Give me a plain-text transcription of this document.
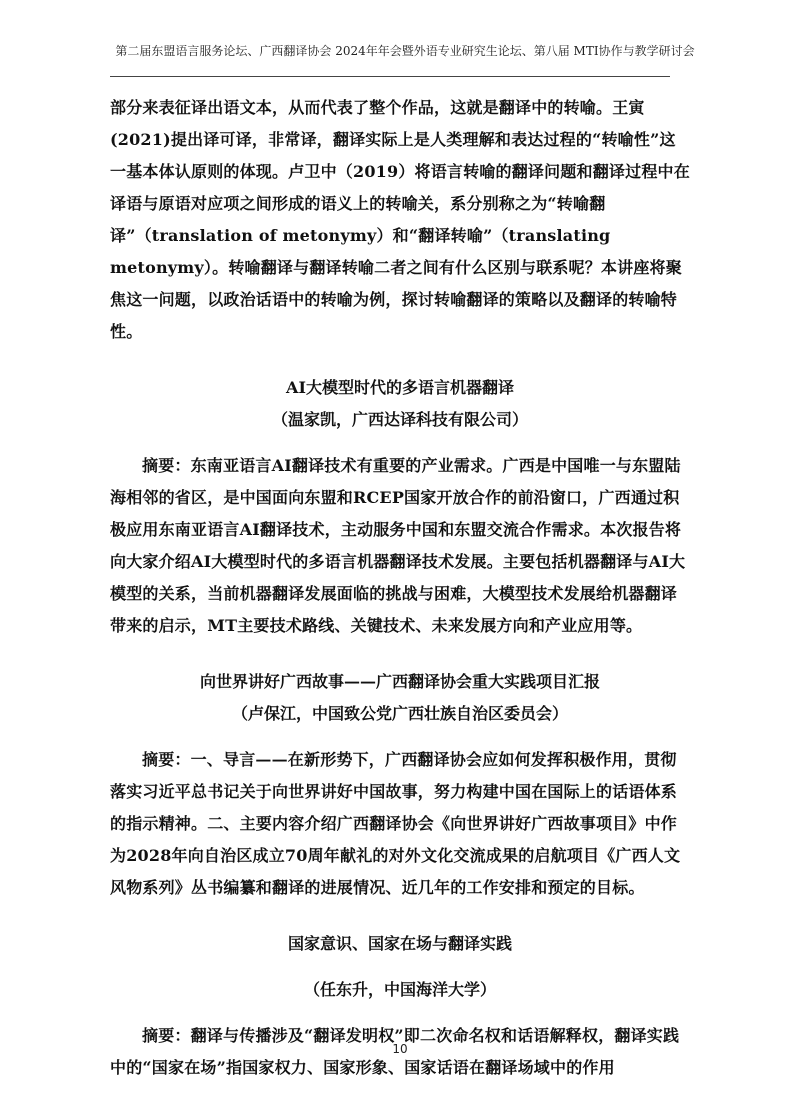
第二届东盟语言服务论坛、广西翻译协会 2024年年会暨外语专业研究生论坛、第八届 MTI协作与教学研讨会

部分来表征译出语文本，从而代表了整个作品，这就是翻译中的转喻。王寅(2021)提出译可译，非常译，翻译实际上是人类理解和表达过程的“转喻性”这一基本体认原则的体现。卢卫中（2019）将语言转喻的翻译问题和翻译过程中在译语与原语对应项之间形成的语义上的转喻关，系分别称之为“转喻翻译”（translation of metonymy）和“翻译转喻”（translating metonymy）。转喻翻译与翻译转喻二者之间有什么区别与联系呢？本讲座将聚焦这一问题，以政治话语中的转喻为例，探讨转喻翻译的策略以及翻译的转喻特性。

AI大模型时代的多语言机器翻译

（温家凯，广西达译科技有限公司）

摘要：东南亚语言AI翻译技术有重要的产业需求。广西是中国唯一与东盟陆海相邻的省区，是中国面向东盟和RCEP国家开放合作的前沿窗口，广西通过积极应用东南亚语言AI翻译技术，主动服务中国和东盟交流合作需求。本次报告将向大家介绍AI大模型时代的多语言机器翻译技术发展。主要包括机器翻译与AI大模型的关系，当前机器翻译发展面临的挑战与困难，大模型技术发展给机器翻译带来的启示，MT主要技术路线、关键技术、未来发展方向和产业应用等。

向世界讲好广西故事——广西翻译协会重大实践项目汇报

（卢保江，中国致公党广西壮族自治区委员会）

摘要：一、导言——在新形势下，广西翻译协会应如何发挥积极作用，贯彻落实习近平总书记关于向世界讲好中国故事，努力构建中国在国际上的话语体系的指示精神。二、主要内容介绍广西翻译协会《向世界讲好广西故事项目》中作为2028年向自治区成立70周年献礼的对外文化交流成果的启航项目《广西人文风物系列》丛书编纂和翻译的进展情况、近几年的工作安排和预定的目标。

国家意识、国家在场与翻译实践

（任东升，中国海洋大学）

摘要：翻译与传播涉及“翻译发明权”即二次命名权和话语解释权，翻译实践中的“国家在场”指国家权力、国家形象、国家话语在翻译场域中的作用

10
